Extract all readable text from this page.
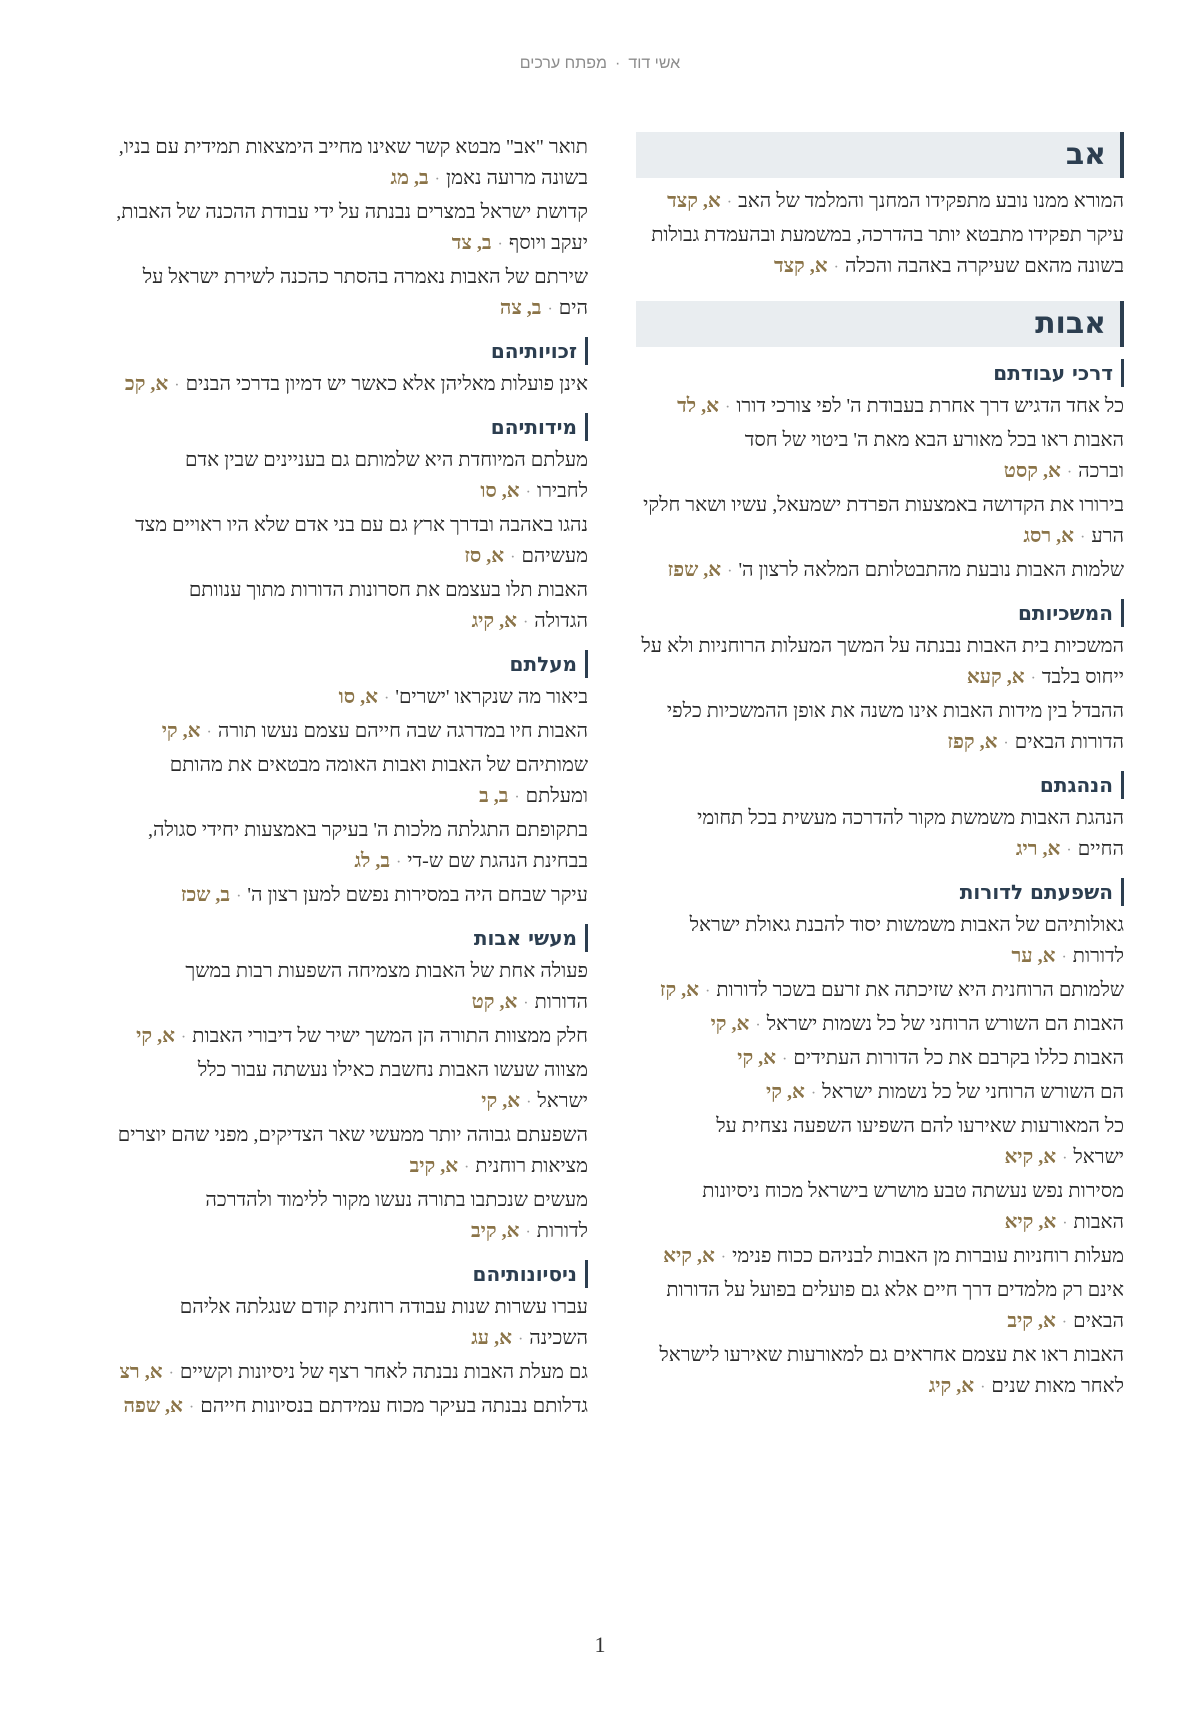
אשי דוד·מפתח ערכים
אב
המורא ממנו נובע מתפקידו המחנך והמלמד של האב·א, קצד
עיקר תפקידו מתבטא יותר בהדרכה, במשמעת ובהעמדת גבולות בשונה מהאם שעיקרה באהבה והכלה·א, קצד
אבות
דרכי עבודתם
כל אחד הדגיש דרך אחרת בעבודת ה' לפי צורכי דורו·א, לד
האבות ראו בכל מאורע הבא מאת ה' ביטוי של חסד וברכה·א, קסט
בירורו את הקדושה באמצעות הפרדת ישמעאל, עשיו ושאר חלקי הרע·א, רסג
שלמות האבות נובעת מהתבטלותם המלאה לרצון ה'·א, שפז
המשכיותם
המשכיות בית האבות נבנתה על המשך המעלות הרוחניות ולא על ייחוס בלבד·א, קעא
ההבדל בין מידות האבות אינו משנה את אופן ההמשכיות כלפי הדורות הבאים·א, קפז
הנהגתם
הנהגת האבות משמשת מקור להדרכה מעשית בכל תחומי החיים·א, ריג
השפעתם לדורות
גאולותיהם של האבות משמשות יסוד להבנת גאולת ישראל לדורות·א, ער
שלמותם הרוחנית היא שזיכתה את זרעם בשכר לדורות·א, קז
האבות הם השורש הרוחני של כל נשמות ישראל·א, קי
האבות כללו בקרבם את כל הדורות העתידים·א, קי
הם השורש הרוחני של כל נשמות ישראל·א, קי
כל המאורעות שאירעו להם השפיעו השפעה נצחית על ישראל·א, קיא
מסירות נפש נעשתה טבע מושרש בישראל מכוח ניסיונות האבות·א, קיא
מעלות רוחניות עוברות מן האבות לבניהם ככוח פנימי·א, קיא
אינם רק מלמדים דרך חיים אלא גם פועלים בפועל על הדורות הבאים·א, קיב
האבות ראו את עצמם אחראים גם למאורעות שאירעו לישראל לאחר מאות שנים·א, קיג
תואר "אב" מבטא קשר שאינו מחייב הימצאות תמידית עם בניו, בשונה מרועה נאמן·ב, מג
קדושת ישראל במצרים נבנתה על ידי עבודת ההכנה של האבות, יעקב ויוסף·ב, צד
שירתם של האבות נאמרה בהסתר כהכנה לשירת ישראל על הים·ב, צה
זכויותיהם
אינן פועלות מאליהן אלא כאשר יש דמיון בדרכי הבנים·א, קכ
מידותיהם
מעלתם המיוחדת היא שלמותם גם בעניינים שבין אדם לחבירו·א, סו
נהגו באהבה ובדרך ארץ גם עם בני אדם שלא היו ראויים מצד מעשיהם·א, סז
האבות תלו בעצמם את חסרונות הדורות מתוך ענוותם הגדולה·א, קיג
מעלתם
ביאור מה שנקראו 'ישרים'·א, סו
האבות חיו במדרגה שבה חייהם עצמם נעשו תורה·א, קי
שמותיהם של האבות ואבות האומה מבטאים את מהותם ומעלתם·ב, ב
בתקופתם התגלתה מלכות ה' בעיקר באמצעות יחידי סגולה, בבחינת הנהגת שם ש-די·ב, לג
עיקר שבחם היה במסירות נפשם למען רצון ה'·ב, שכז
מעשי אבות
פעולה אחת של האבות מצמיחה השפעות רבות במשך הדורות·א, קט
חלק ממצוות התורה הן המשך ישיר של דיבורי האבות·א, קי
מצווה שעשו האבות נחשבת כאילו נעשתה עבור כלל ישראל·א, קי
השפעתם גבוהה יותר ממעשי שאר הצדיקים, מפני שהם יוצרים מציאות רוחנית·א, קיב
מעשים שנכתבו בתורה נעשו מקור ללימוד ולהדרכה לדורות·א, קיב
ניסיונותיהם
עברו עשרות שנות עבודה רוחנית קודם שנגלתה אליהם השכינה·א, עג
גם מעלת האבות נבנתה לאחר רצף של ניסיונות וקשיים·א, רצ
גדלותם נבנתה בעיקר מכוח עמידתם בנסיונות חייהם·א, שפה
1
